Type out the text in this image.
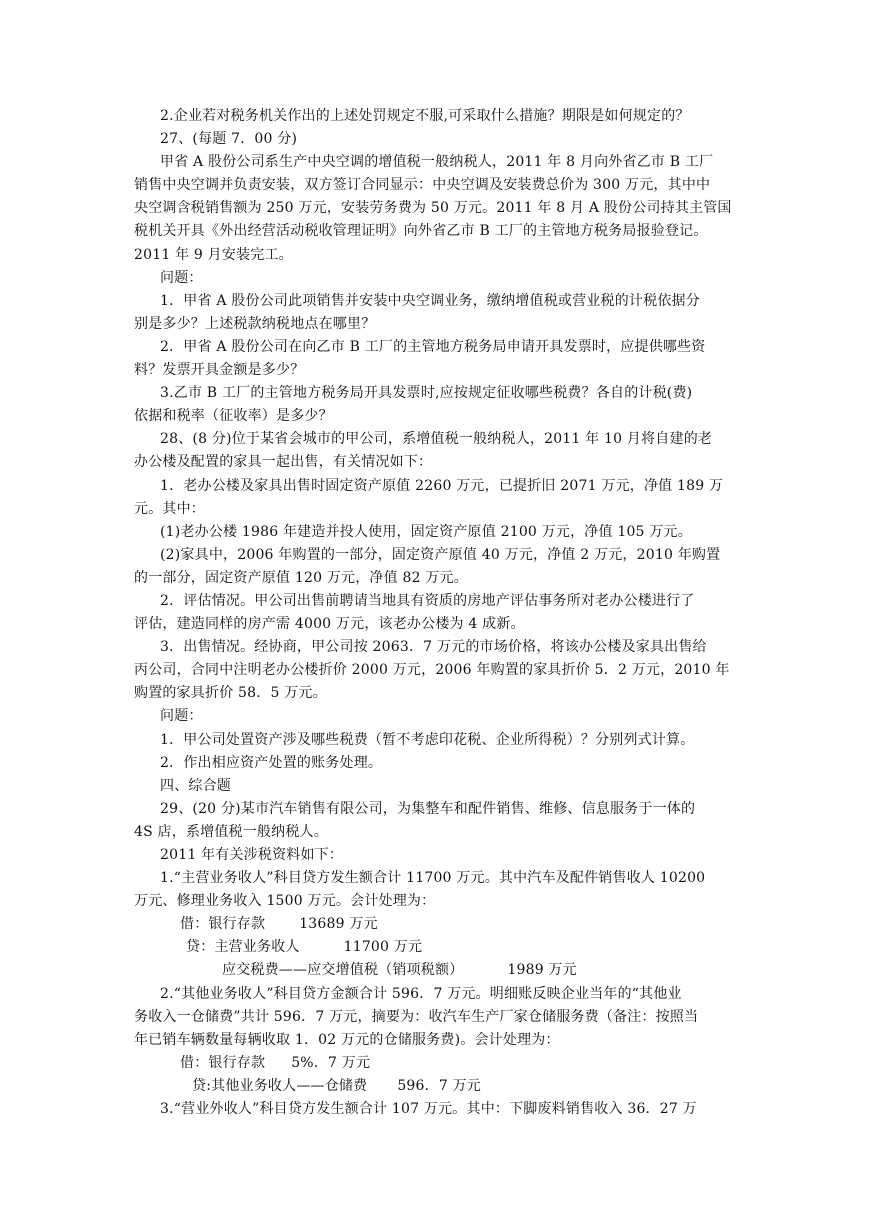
2.企业若对税务机关作出的上述处罚规定不服,可采取什么措施？期限是如何规定的？
27、(每题 7．00 分)
甲省 A 股份公司系生产中央空调的增值税一般纳税人，2011 年 8 月向外省乙市 B 工厂
销售中央空调并负责安装，双方签订合同显示：中央空调及安装费总价为 300 万元，其中中
央空调含税销售额为 250 万元，安装劳务费为 50 万元。2011 年 8 月 A 股份公司持其主管国
税机关开具《外出经营活动税收管理证明》向外省乙市 B 工厂的主管地方税务局报验登记。
2011 年 9 月安装完工。
问题：
1．甲省 A 股份公司此项销售并安装中央空调业务，缴纳增值税或营业税的计税依据分
别是多少？上述税款纳税地点在哪里？
2．甲省 A 股份公司在向乙市 B 工厂的主管地方税务局申请开具发票时，应提供哪些资
料？发票开具金额是多少？
3.乙市 B 工厂的主管地方税务局开具发票时,应按规定征收哪些税费？各自的计税(费)
依据和税率（征收率）是多少？
28、(8 分)位于某省会城市的甲公司，系增值税一般纳税人，2011 年 10 月将自建的老
办公楼及配置的家具一起出售，有关情况如下：
1．老办公楼及家具出售时固定资产原值 2260 万元，已提折旧 2071 万元，净值 189 万
元。其中：
(1)老办公楼 1986 年建造并投人使用，固定资产原值 2100 万元，净值 105 万元。
(2)家具中，2006 年购置的一部分，固定资产原值 40 万元，净值 2 万元，2010 年购置
的一部分，固定资产原值 120 万元，净值 82 万元。
2．评估情况。甲公司出售前聘请当地具有资质的房地产评估事务所对老办公楼进行了
评估，建造同样的房产需 4000 万元，该老办公楼为 4 成新。
3．出售情况。经协商，甲公司按 2063．7 万元的市场价格，将该办公楼及家具出售给
丙公司，合同中注明老办公楼折价 2000 万元，2006 年购置的家具折价 5．2 万元，2010 年
购置的家具折价 58．5 万元。
问题：
1．甲公司处置资产涉及哪些税费（暂不考虑印花税、企业所得税）？分别列式计算。
2．作出相应资产处置的账务处理。
四、综合题
29、(20 分)某市汽车销售有限公司，为集整车和配件销售、维修、信息服务于一体的
4S 店，系增值税一般纳税人。
2011 年有关涉税资料如下：
1.“主营业务收人”科目贷方发生额合计 11700 万元。其中汽车及配件销售收人 10200
万元、修理业务收入 1500 万元。会计处理为：
借：银行存款 13689 万元
贷：主营业务收人	11700 万元
应交税费——应交增值税（销项税额）	1989 万元
2.“其他业务收人”科目贷方金额合计 596．7 万元。明细账反映企业当年的“其他业
务收入一仓储费”共计 596．7 万元，摘要为：收汽车生产厂家仓储服务费（备注：按照当
年已销车辆数量每辆收取 1．02 万元的仓储服务费)。会计处理为：
借：银行存款 5%．7 万元
贷:其他业务收人——仓储费 596．7 万元
3.“营业外收人”科目贷方发生额合计 107 万元。其中：下脚废料销售收入 36．27 万
